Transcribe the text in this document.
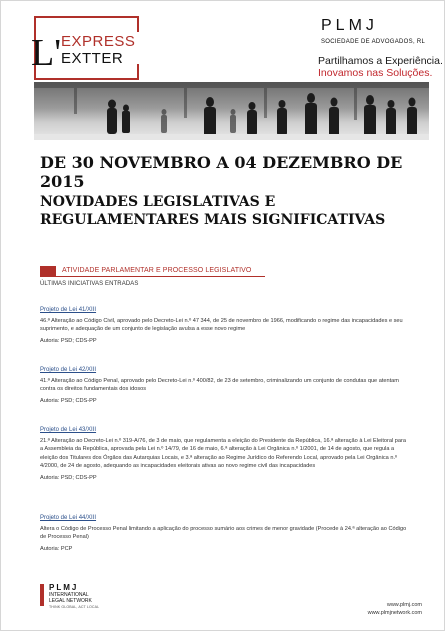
L' EXPRESS
EXTTER
PLMJ
SOCIEDADE DE ADVOGADOS, RL
Partilhamos a Experiência.
Inovamos nas Soluções.
DE 30 NOVEMBRO A 04 DEZEMBRO DE 2015
NOVIDADES LEGISLATIVAS E REGULAMENTARES MAIS SIGNIFICATIVAS
ATIVIDADE PARLAMENTAR E PROCESSO LEGISLATIVO
ÚLTIMAS INICIATIVAS ENTRADAS
Projeto de Lei 41/XIII

46.ª Alteração ao Código Civil, aprovado pelo Decreto-Lei n.º 47 344, de 25 de novembro de 1966, modificando o regime das incapacidades e seu suprimento, e adequação de um conjunto de legislação avulsa a esse novo regime

Autoria: PSD; CDS-PP

Projeto de Lei 42/XIII

41.ª Alteração ao Código Penal, aprovado pelo Decreto-Lei n.º 400/82, de 23 de setembro, criminalizando um conjunto de condutas que atentam contra os direitos fundamentais dos idosos

Autoria: PSD; CDS-PP

Projeto de Lei 43/XIII

21.ª Alteração ao Decreto-Lei n.º 319-A/76, de 3 de maio, que regulamenta a eleição do Presidente da República, 16.ª alteração à Lei Eleitoral para a Assembleia da República, aprovada pela Lei n.º 14/79, de 16 de maio, 6.ª alteração à Lei Orgânica n.º 1/2001, de 14 de agosto, que regula a eleição dos Titulares dos Órgãos das Autarquias Locais, e 3.ª alteração ao Regime Jurídico do Referendo Local, aprovado pela Lei Orgânica n.º 4/2000, de 24 de agosto, adequando as incapacidades eleitorais ativas ao novo regime civil das incapacidades

Autoria: PSD; CDS-PP

Projeto de Lei 44/XIII

Altera o Código de Processo Penal limitando a aplicação do processo sumário aos crimes de menor gravidade (Procede à 24.ª alteração ao Código de Processo Penal)

Autoria: PCP

PLMJ
INTERNATIONAL
LEGAL NETWORK
THINK GLOBAL, ACT LOCAL	www.plmj.com
www.plmjnetwork.com
